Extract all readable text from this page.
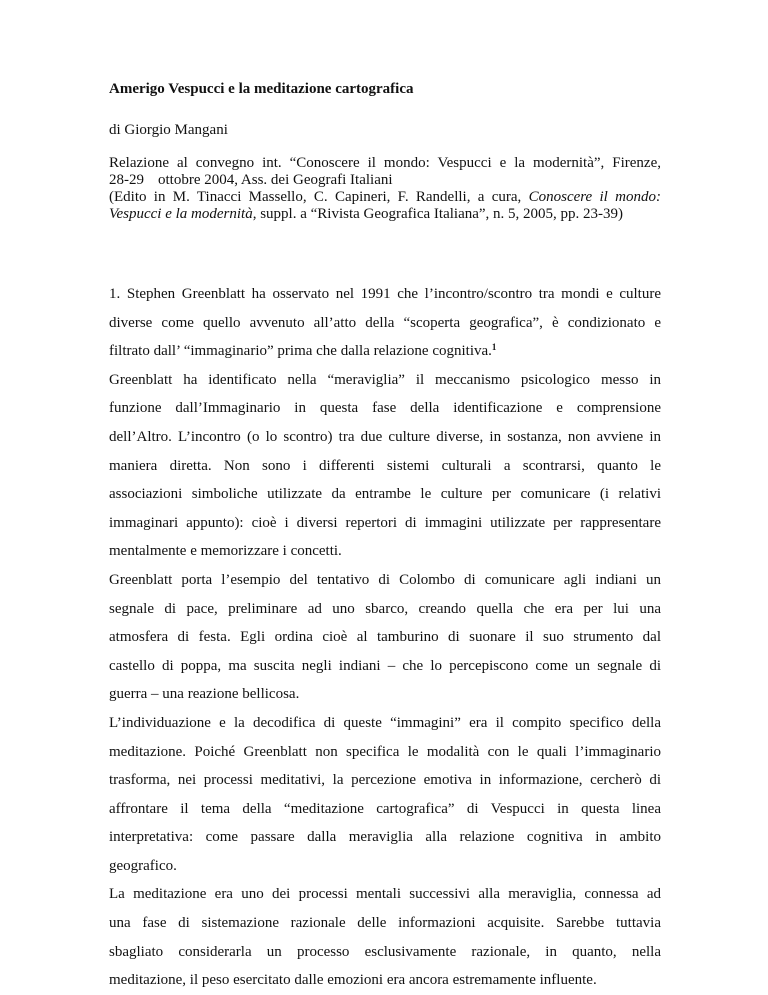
Amerigo Vespucci e la meditazione cartografica

di Giorgio Mangani

Relazione al convegno int. “Conoscere il mondo: Vespucci e la modernità”, Firenze,
28-29 ottobre 2004, Ass. dei Geografi Italiani
(Edito in M. Tinacci Massello, C. Capineri, F. Randelli, a cura, Conoscere il mondo:
Vespucci e la modernità, suppl. a “Rivista Geografica Italiana”, n. 5, 2005, pp. 23-39)
1. Stephen Greenblatt ha osservato nel 1991 che l’incontro/scontro tra mondi e culture
diverse come quello avvenuto all’atto della “scoperta geografica”, è condizionato e
filtrato dall’ “immaginario” prima che dalla relazione cognitiva.$^1$
Greenblatt ha identificato nella “meraviglia” il meccanismo psicologico messo in
funzione dall’Immaginario in questa fase della identificazione e comprensione
dell’Altro. L’incontro (o lo scontro) tra due culture diverse, in sostanza, non avviene in
maniera diretta. Non sono i differenti sistemi culturali a scontrarsi, quanto le
associazioni simboliche utilizzate da entrambe le culture per comunicare (i relativi
immaginari appunto): cioè i diversi repertori di immagini utilizzate per rappresentare
mentalmente e memorizzare i concetti.
Greenblatt porta l’esempio del tentativo di Colombo di comunicare agli indiani un
segnale di pace, preliminare ad uno sbarco, creando quella che era per lui una
atmosfera di festa. Egli ordina cioè al tamburino di suonare il suo strumento dal
castello di poppa, ma suscita negli indiani – che lo percepiscono come un segnale di
guerra – una reazione bellicosa.
L’individuazione e la decodifica di queste “immagini” era il compito specifico della
meditazione. Poiché Greenblatt non specifica le modalità con le quali l’immaginario
trasforma, nei processi meditativi, la percezione emotiva in informazione, cercherò di
affrontare il tema della “meditazione cartografica” di Vespucci in questa linea
interpretativa: come passare dalla meraviglia alla relazione cognitiva in ambito
geografico.
La meditazione era uno dei processi mentali successivi alla meraviglia, connessa ad
una fase di sistemazione razionale delle informazioni acquisite. Sarebbe tuttavia
sbagliato considerarla un processo esclusivamente razionale, in quanto, nella
meditazione, il peso esercitato dalle emozioni era ancora estremamente influente.
